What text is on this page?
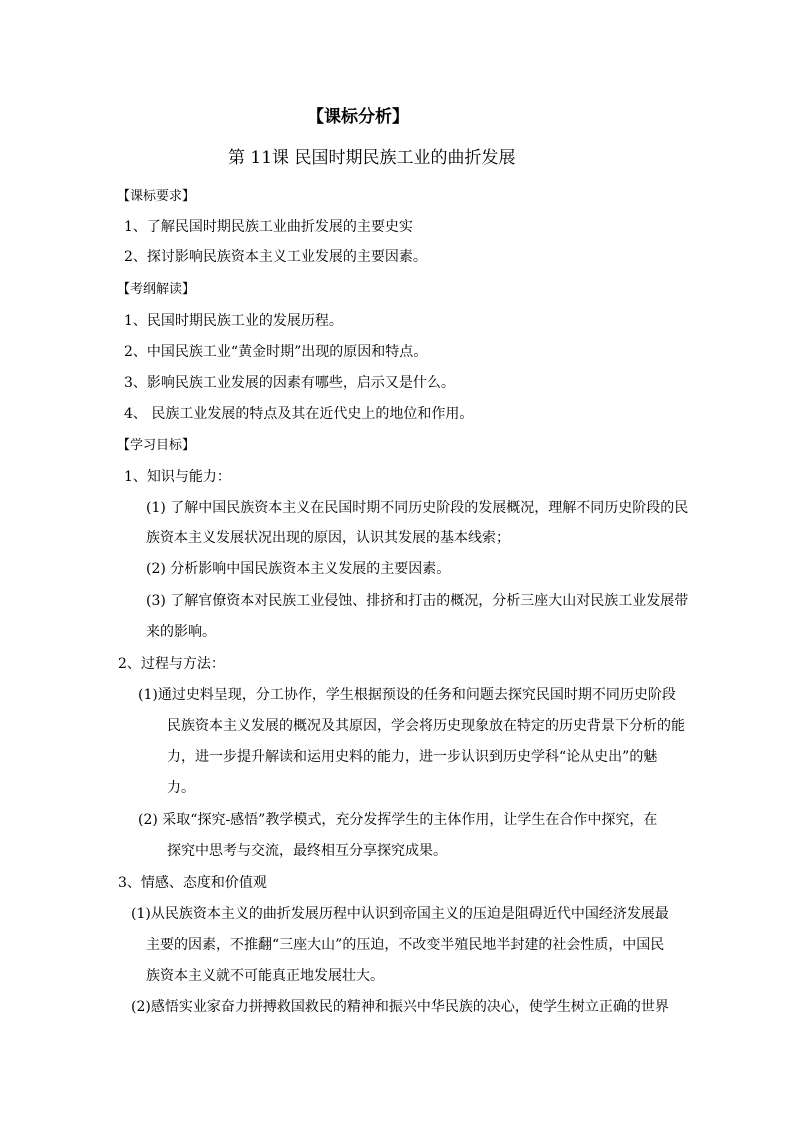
【课标分析】
第 11课 民国时期民族工业的曲折发展
【课标要求】
1、了解民国时期民族工业曲折发展的主要史实
2、探讨影响民族资本主义工业发展的主要因素。
【考纲解读】
1、民国时期民族工业的发展历程。
2、中国民族工业“黄金时期”出现的原因和特点。
3、影响民族工业发展的因素有哪些，启示又是什么。
4、 民族工业发展的特点及其在近代史上的地位和作用。
【学习目标】
1、知识与能力：
(1) 了解中国民族资本主义在民国时期不同历史阶段的发展概况，理解不同历史阶段的民
族资本主义发展状况出现的原因，认识其发展的基本线索；
(2) 分析影响中国民族资本主义发展的主要因素。
(3) 了解官僚资本对民族工业侵蚀、排挤和打击的概况，分析三座大山对民族工业发展带
来的影响。
2、过程与方法：
(1)通过史料呈现，分工协作，学生根据预设的任务和问题去探究民国时期不同历史阶段
民族资本主义发展的概况及其原因，学会将历史现象放在特定的历史背景下分析的能
力，进一步提升解读和运用史料的能力，进一步认识到历史学科“论从史出”的魅
力。
(2) 采取“探究-感悟”教学模式，充分发挥学生的主体作用，让学生在合作中探究，在
探究中思考与交流，最终相互分享探究成果。
3、情感、态度和价值观
(1)从民族资本主义的曲折发展历程中认识到帝国主义的压迫是阻碍近代中国经济发展最
主要的因素，不推翻“三座大山”的压迫，不改变半殖民地半封建的社会性质，中国民
族资本主义就不可能真正地发展壮大。
(2)感悟实业家奋力拼搏救国救民的精神和振兴中华民族的决心，使学生树立正确的世界
